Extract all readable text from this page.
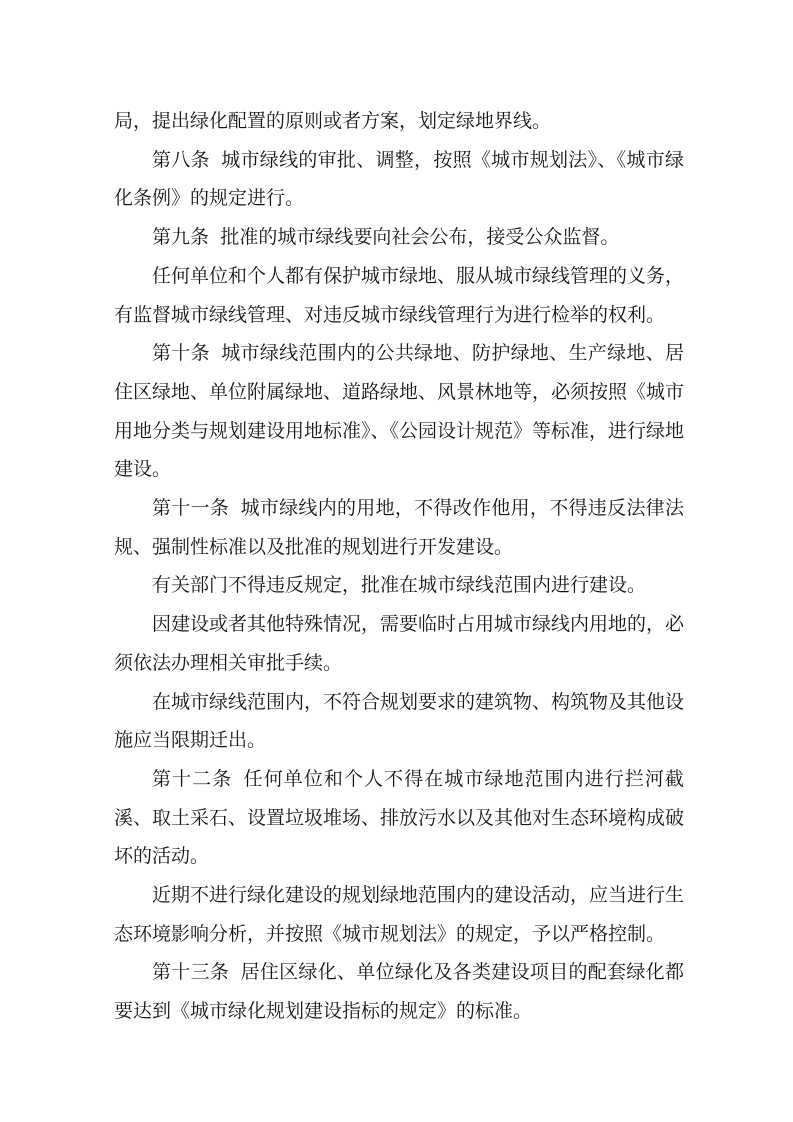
局，提出绿化配置的原则或者方案，划定绿地界线。

第八条 城市绿线的审批、调整，按照《城市规划法》、《城市绿化条例》的规定进行。

第九条 批准的城市绿线要向社会公布，接受公众监督。

任何单位和个人都有保护城市绿地、服从城市绿线管理的义务，有监督城市绿线管理、对违反城市绿线管理行为进行检举的权利。

第十条 城市绿线范围内的公共绿地、防护绿地、生产绿地、居住区绿地、单位附属绿地、道路绿地、风景林地等，必须按照《城市用地分类与规划建设用地标准》、《公园设计规范》等标准，进行绿地建设。

第十一条 城市绿线内的用地，不得改作他用，不得违反法律法规、强制性标准以及批准的规划进行开发建设。

有关部门不得违反规定，批准在城市绿线范围内进行建设。

因建设或者其他特殊情况，需要临时占用城市绿线内用地的，必须依法办理相关审批手续。

在城市绿线范围内，不符合规划要求的建筑物、构筑物及其他设施应当限期迁出。

第十二条 任何单位和个人不得在城市绿地范围内进行拦河截溪、取土采石、设置垃圾堆场、排放污水以及其他对生态环境构成破坏的活动。

近期不进行绿化建设的规划绿地范围内的建设活动，应当进行生态环境影响分析，并按照《城市规划法》的规定，予以严格控制。

第十三条 居住区绿化、单位绿化及各类建设项目的配套绿化都要达到《城市绿化规划建设指标的规定》的标准。
